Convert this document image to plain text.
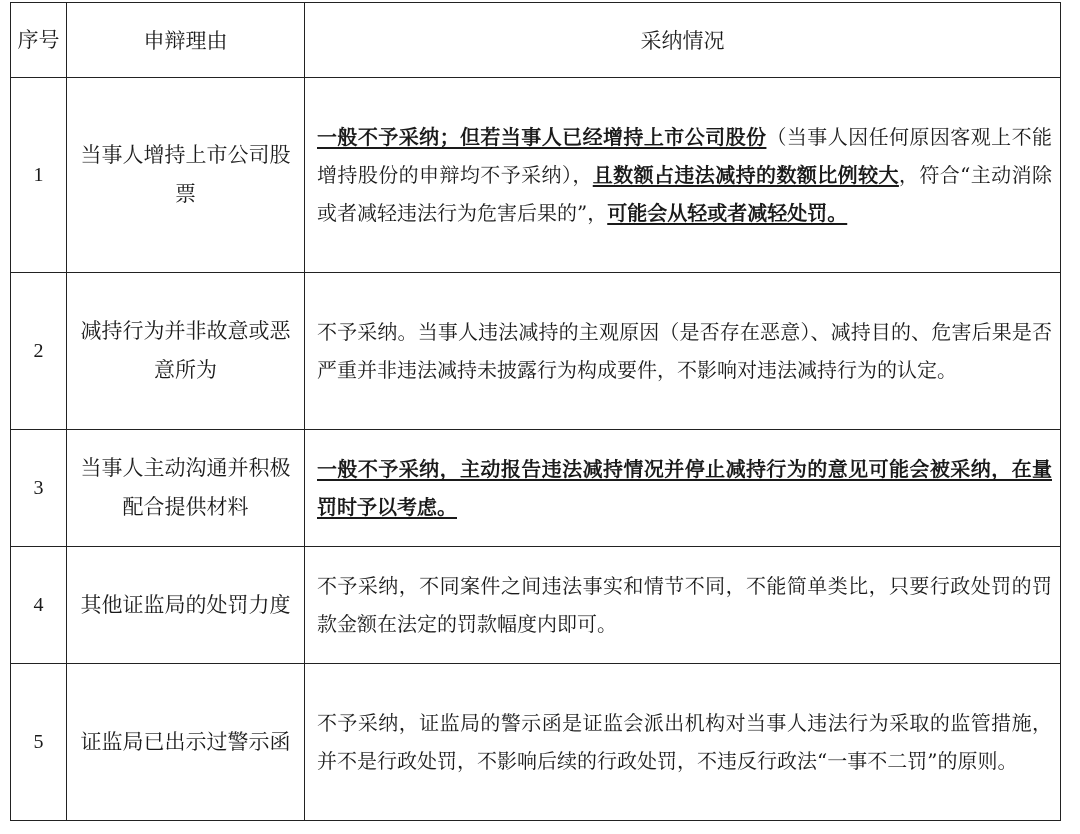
序号	申辩理由	采纳情况
1	当事人增持上市公司股票	一般不予采纳；但若当事人已经增持上市公司股份（当事人因任何原因客观上不能增持股份的申辩均不予采纳），且数额占违法减持的数额比例较大，符合“主动消除或者减轻违法行为危害后果的”，可能会从轻或者减轻处罚。
2	减持行为并非故意或恶意所为	不予采纳。当事人违法减持的主观原因（是否存在恶意）、减持目的、危害后果是否严重并非违法减持未披露行为构成要件，不影响对违法减持行为的认定。
3	当事人主动沟通并积极配合提供材料	一般不予采纳，主动报告违法减持情况并停止减持行为的意见可能会被采纳，在量罚时予以考虑。
4	其他证监局的处罚力度	不予采纳，不同案件之间违法事实和情节不同，不能简单类比，只要行政处罚的罚款金额在法定的罚款幅度内即可。
5	证监局已出示过警示函	不予采纳，证监局的警示函是证监会派出机构对当事人违法行为采取的监管措施，并不是行政处罚，不影响后续的行政处罚，不违反行政法“一事不二罚”的原则。
